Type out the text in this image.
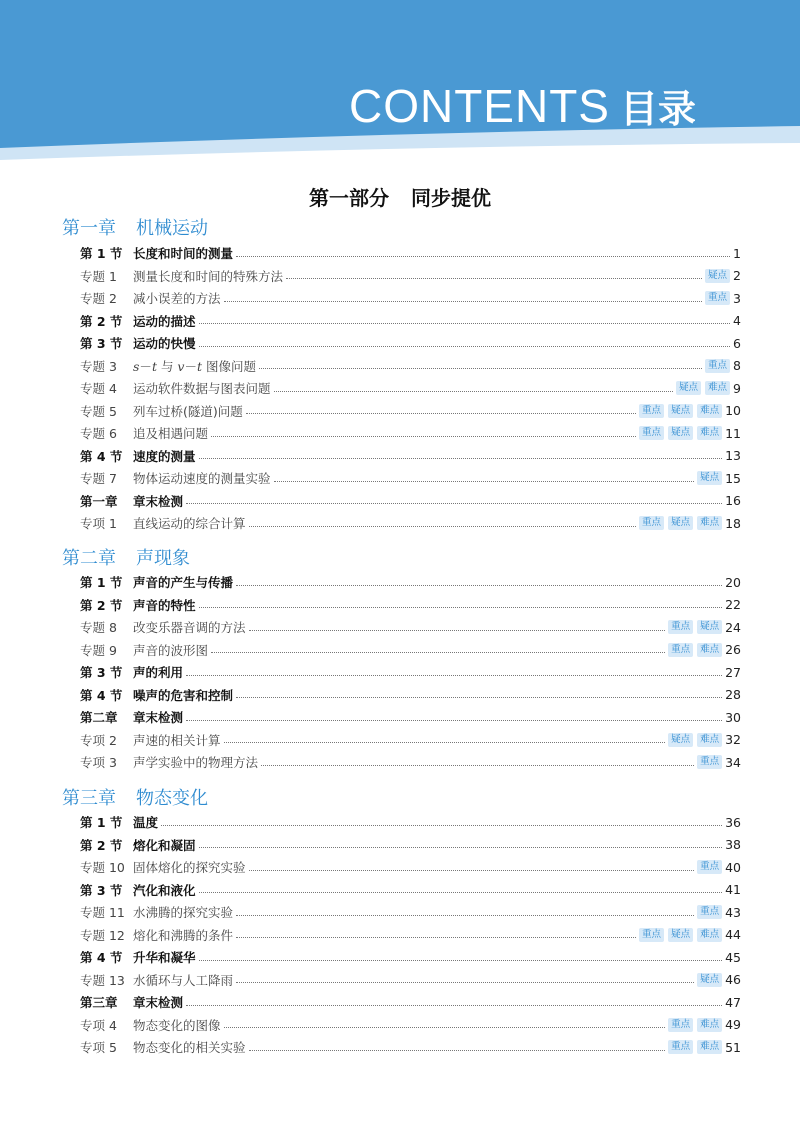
CONTENTS 目录
第一部分 同步提优
第一章 机械运动
第 1 节 长度和时间的测量	1
专题 1	测量长度和时间的特殊方法	疑点 2
专题 2	减小误差的方法	重点 3
第 2 节 运动的描述	4
第 3 节 运动的快慢	6
专题 3	s－t 与 v－t 图像问题	重点 8
专题 4	运动软件数据与图表问题	疑点	难点 9
专题 5	列车过桥(隧道)问题	重点	疑点	难点 10
专题 6	追及相遇问题	重点	疑点	难点 11
第 4 节 速度的测量	13
专题 7	物体运动速度的测量实验	疑点 15
第一章	章末检测	16
专项 1	直线运动的综合计算	重点	疑点	难点 18
第二章 声现象
第 1 节 声音的产生与传播	20
第 2 节 声音的特性	22
专题 8	改变乐器音调的方法	重点	疑点 24
专题 9	声音的波形图	重点	难点 26
第 3 节 声的利用	27
第 4 节 噪声的危害和控制	28
第二章	章末检测	30
专项 2	声速的相关计算	疑点	难点 32
专项 3	声学实验中的物理方法	重点 34
第三章 物态变化
第 1 节 温度	36
第 2 节 熔化和凝固	38
专题 10 固体熔化的探究实验	重点 40
第 3 节 汽化和液化	41
专题 11 水沸腾的探究实验	重点 43
专题 12 熔化和沸腾的条件	重点	疑点	难点 44
第 4 节 升华和凝华	45
专题 13 水循环与人工降雨	疑点 46
第三章	章末检测	47
专项 4	物态变化的图像	重点	难点 49
专项 5	物态变化的相关实验	重点	难点 51
